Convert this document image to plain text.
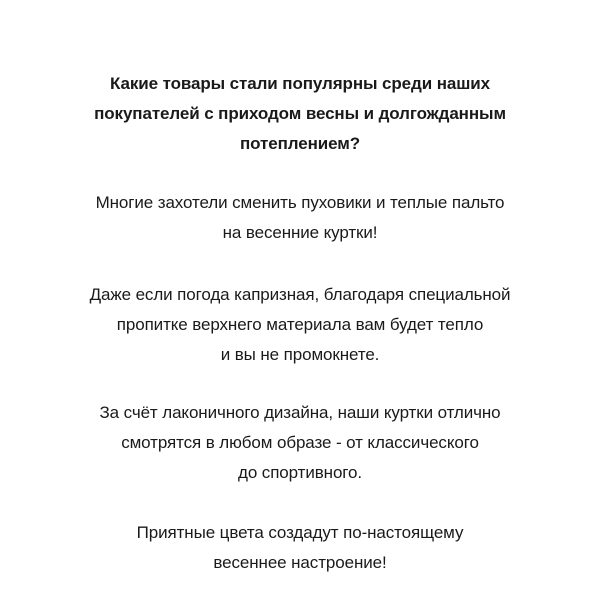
Какие товары стали популярны среди наших
покупателей с приходом весны и долгожданным
потеплением?
Многие захотели сменить пуховики и теплые пальто
на весенние куртки!
Даже если погода капризная, благодаря специальной
пропитке верхнего материала вам будет тепло
и вы не промокнете.
За счёт лаконичного дизайна, наши куртки отлично
смотрятся в любом образе - от классического
до спортивного.
Приятные цвета создадут по-настоящему
весеннее настроение!
